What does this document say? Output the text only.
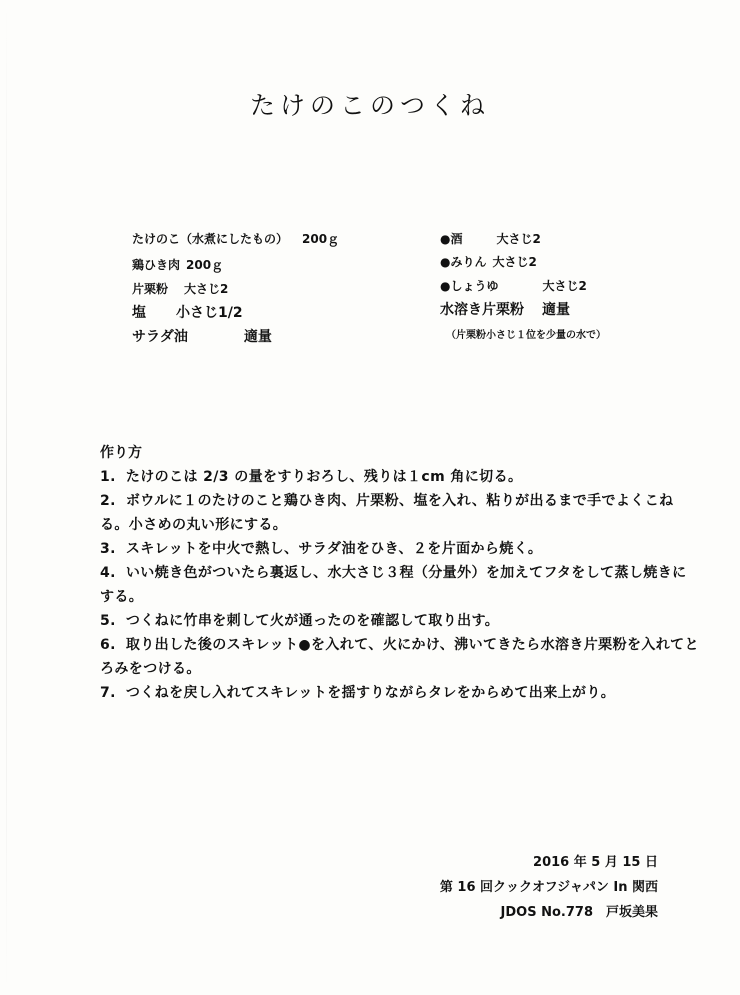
たけのこのつくね
たけのこ（水煮にしたもの） 200ｇ
鶏ひき肉 200ｇ
片栗粉 大さじ2
塩 小さじ1/2
サラダ油	適量
●酒	大さじ2
●みりん 大さじ2
●しょうゆ	大さじ2
水溶き片栗粉 適量
（片栗粉小さじ１位を少量の水で）
作り方
1. たけのこは 2/3 の量をすりおろし、残りは１cm 角に切る。
2. ボウルに１のたけのこと鶏ひき肉、片栗粉、塩を入れ、粘りが出るまで手でよくこねる。小さめの丸い形にする。
3. スキレットを中火で熱し、サラダ油をひき、２を片面から焼く。
4. いい焼き色がついたら裏返し、水大さじ３程（分量外）を加えてフタをして蒸し焼きにする。
5. つくねに竹串を刺して火が通ったのを確認して取り出す。
6. 取り出した後のスキレット●を入れて、火にかけ、沸いてきたら水溶き片栗粉を入れてとろみをつける。
7. つくねを戻し入れてスキレットを揺すりながらタレをからめて出来上がり。
2016 年 5 月 15 日
第 16 回クックオフジャパン In 関西
JDOS No.778　戸坂美果
